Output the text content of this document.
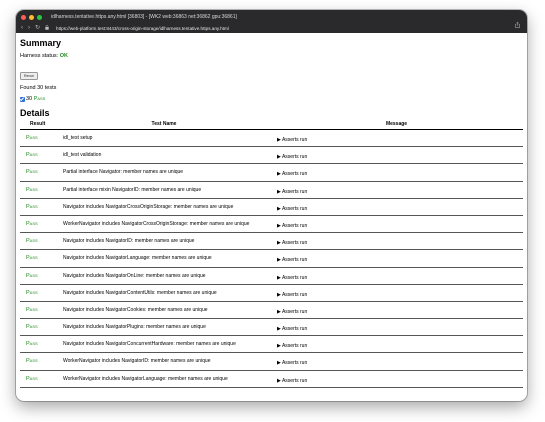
idlharness.tentative.https.any.html [36803] - [WK2 web:36863 net:36862 gpu:36861]
‹ › ↻	https://web-platform.test:8443/cross-origin-storage/idlharness.tentative.https.any.html
Summary
Harness status: OK
Rerun
Found 30 tests
30
Pass
Details
Result	Test Name	Message
Pass	idl_test setup	▶ Asserts run
Pass	idl_test validation	▶ Asserts run
Pass	Partial interface Navigator: member names are unique	▶ Asserts run
Pass	Partial interface mixin NavigatorID: member names are unique	▶ Asserts run
Pass	Navigator includes NavigatorCrossOriginStorage: member names are unique	▶ Asserts run
Pass	WorkerNavigator includes NavigatorCrossOriginStorage: member names are unique	▶ Asserts run
Pass	Navigator includes NavigatorID: member names are unique	▶ Asserts run
Pass	Navigator includes NavigatorLanguage: member names are unique	▶ Asserts run
Pass	Navigator includes NavigatorOnLine: member names are unique	▶ Asserts run
Pass	Navigator includes NavigatorContentUtils: member names are unique	▶ Asserts run
Pass	Navigator includes NavigatorCookies: member names are unique	▶ Asserts run
Pass	Navigator includes NavigatorPlugins: member names are unique	▶ Asserts run
Pass	Navigator includes NavigatorConcurrentHardware: member names are unique	▶ Asserts run
Pass	WorkerNavigator includes NavigatorID: member names are unique	▶ Asserts run
Pass	WorkerNavigator includes NavigatorLanguage: member names are unique	▶ Asserts run
